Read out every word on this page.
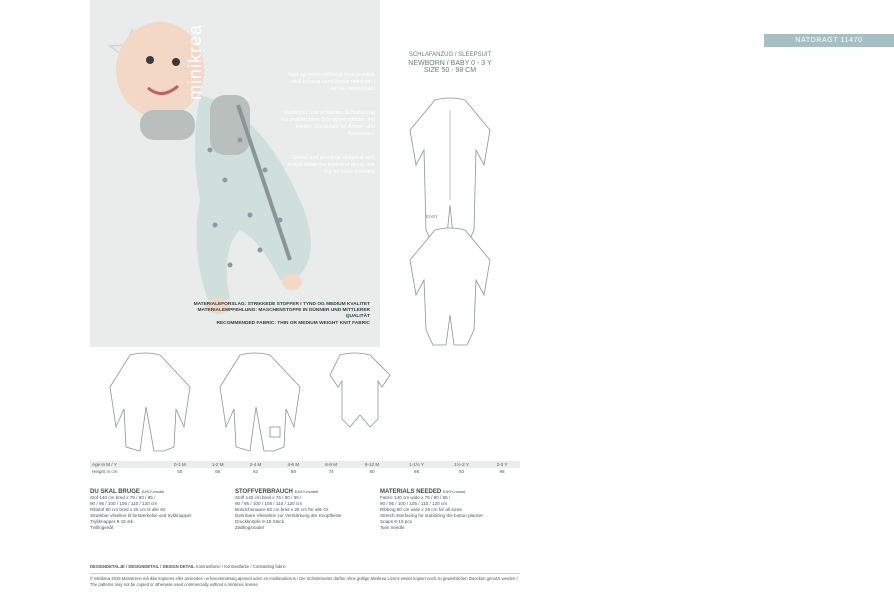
minikrea	Sød og enkel natdragt med praktisk skrå lukning samt brede ribkanter i ærme- og benkant
Niedlicher und schlichter Schlafanzug mit praktischem Schrägverschluss und breiten Bündchen an Ärmel- und Beinkanten
Sweet and practical sleepsuit with snaps down the front and along one leg for easy dressing
MATERIALEFORSLAG: STRIKKEDE STOFFER I TYND OG MEDIUM KVALITET
MATERIALEMPFEHLUNG: MASCHENSTOFFE IN DÜNNER UND MITTLERER QUALITÄT
RECOMMENDED FABRIC: THIN OR MEDIUM WEIGHT KNIT FABRIC
NATDRAGT 11470
SCHLAFANZUG / SLEEPSUIT
NEWBORN / BABY 0 - 3 Y
SIZE 50 - 98 CM
EASY
Age in M / Y	0-1 M	1-2 M	2-4 M	4-6 M	6-9 M	9-12 M	1-1½ Y	1½-2 Y	2-3 Y
Height in cm	50	56	62	68	74	80	86	92	98
DU SKAL BRUGE EASY-model
Stof 140 cm bred x 75 / 80 / 85 /
90 / 95 / 100 / 105 / 110 / 120 cm
Ribstof 80 cm bred x 25 cm til alle str.
Strækbar vliseline til forstærkelse ved trykknapper
Trykknapper 8-15 stk.
Tvillingenål
STOFFVERBRAUCH EASY-modell
Stoff 140 cm breit x 75 / 80 / 85 /
90 / 95 / 100 / 105 / 110 / 120 cm
Bündchenware 80 cm breit x 25 cm für alle Gr.
Dehnbare Vlieseline zur Verstärkung der Knopfleiste
Druckknöpfe 8-15 Stück
Zwillingsnadel
MATERIALS NEEDED EASY-model
Fabric 140 cm wide x 75 / 80 / 85 /
90 / 95 / 100 / 105 / 110 / 120 cm
Ribbing 80 cm wide x 25 cm for all sizes
Stretch interfacing for stabilizing the button placket
Snaps 8-15 pcs
Twin needle
DESIGNDETALJE / DESIGNDETAIL / DESIGN DETAIL Kontrastfarve / Kontrastfarbe / Contrasting fabric
© Minikrea 2018 Mønstrene må ikke kopieres eller anvendes i erhvervsmæssig øjemed uden en minikrealicens / Die Schnittmuster dürfen ohne gültige Minikrea Lizenz weder kopiert noch zu gewerblichen Zwecken genutzt werden / The patterns may not be copied or otherwise used commercially without a minikrea license
